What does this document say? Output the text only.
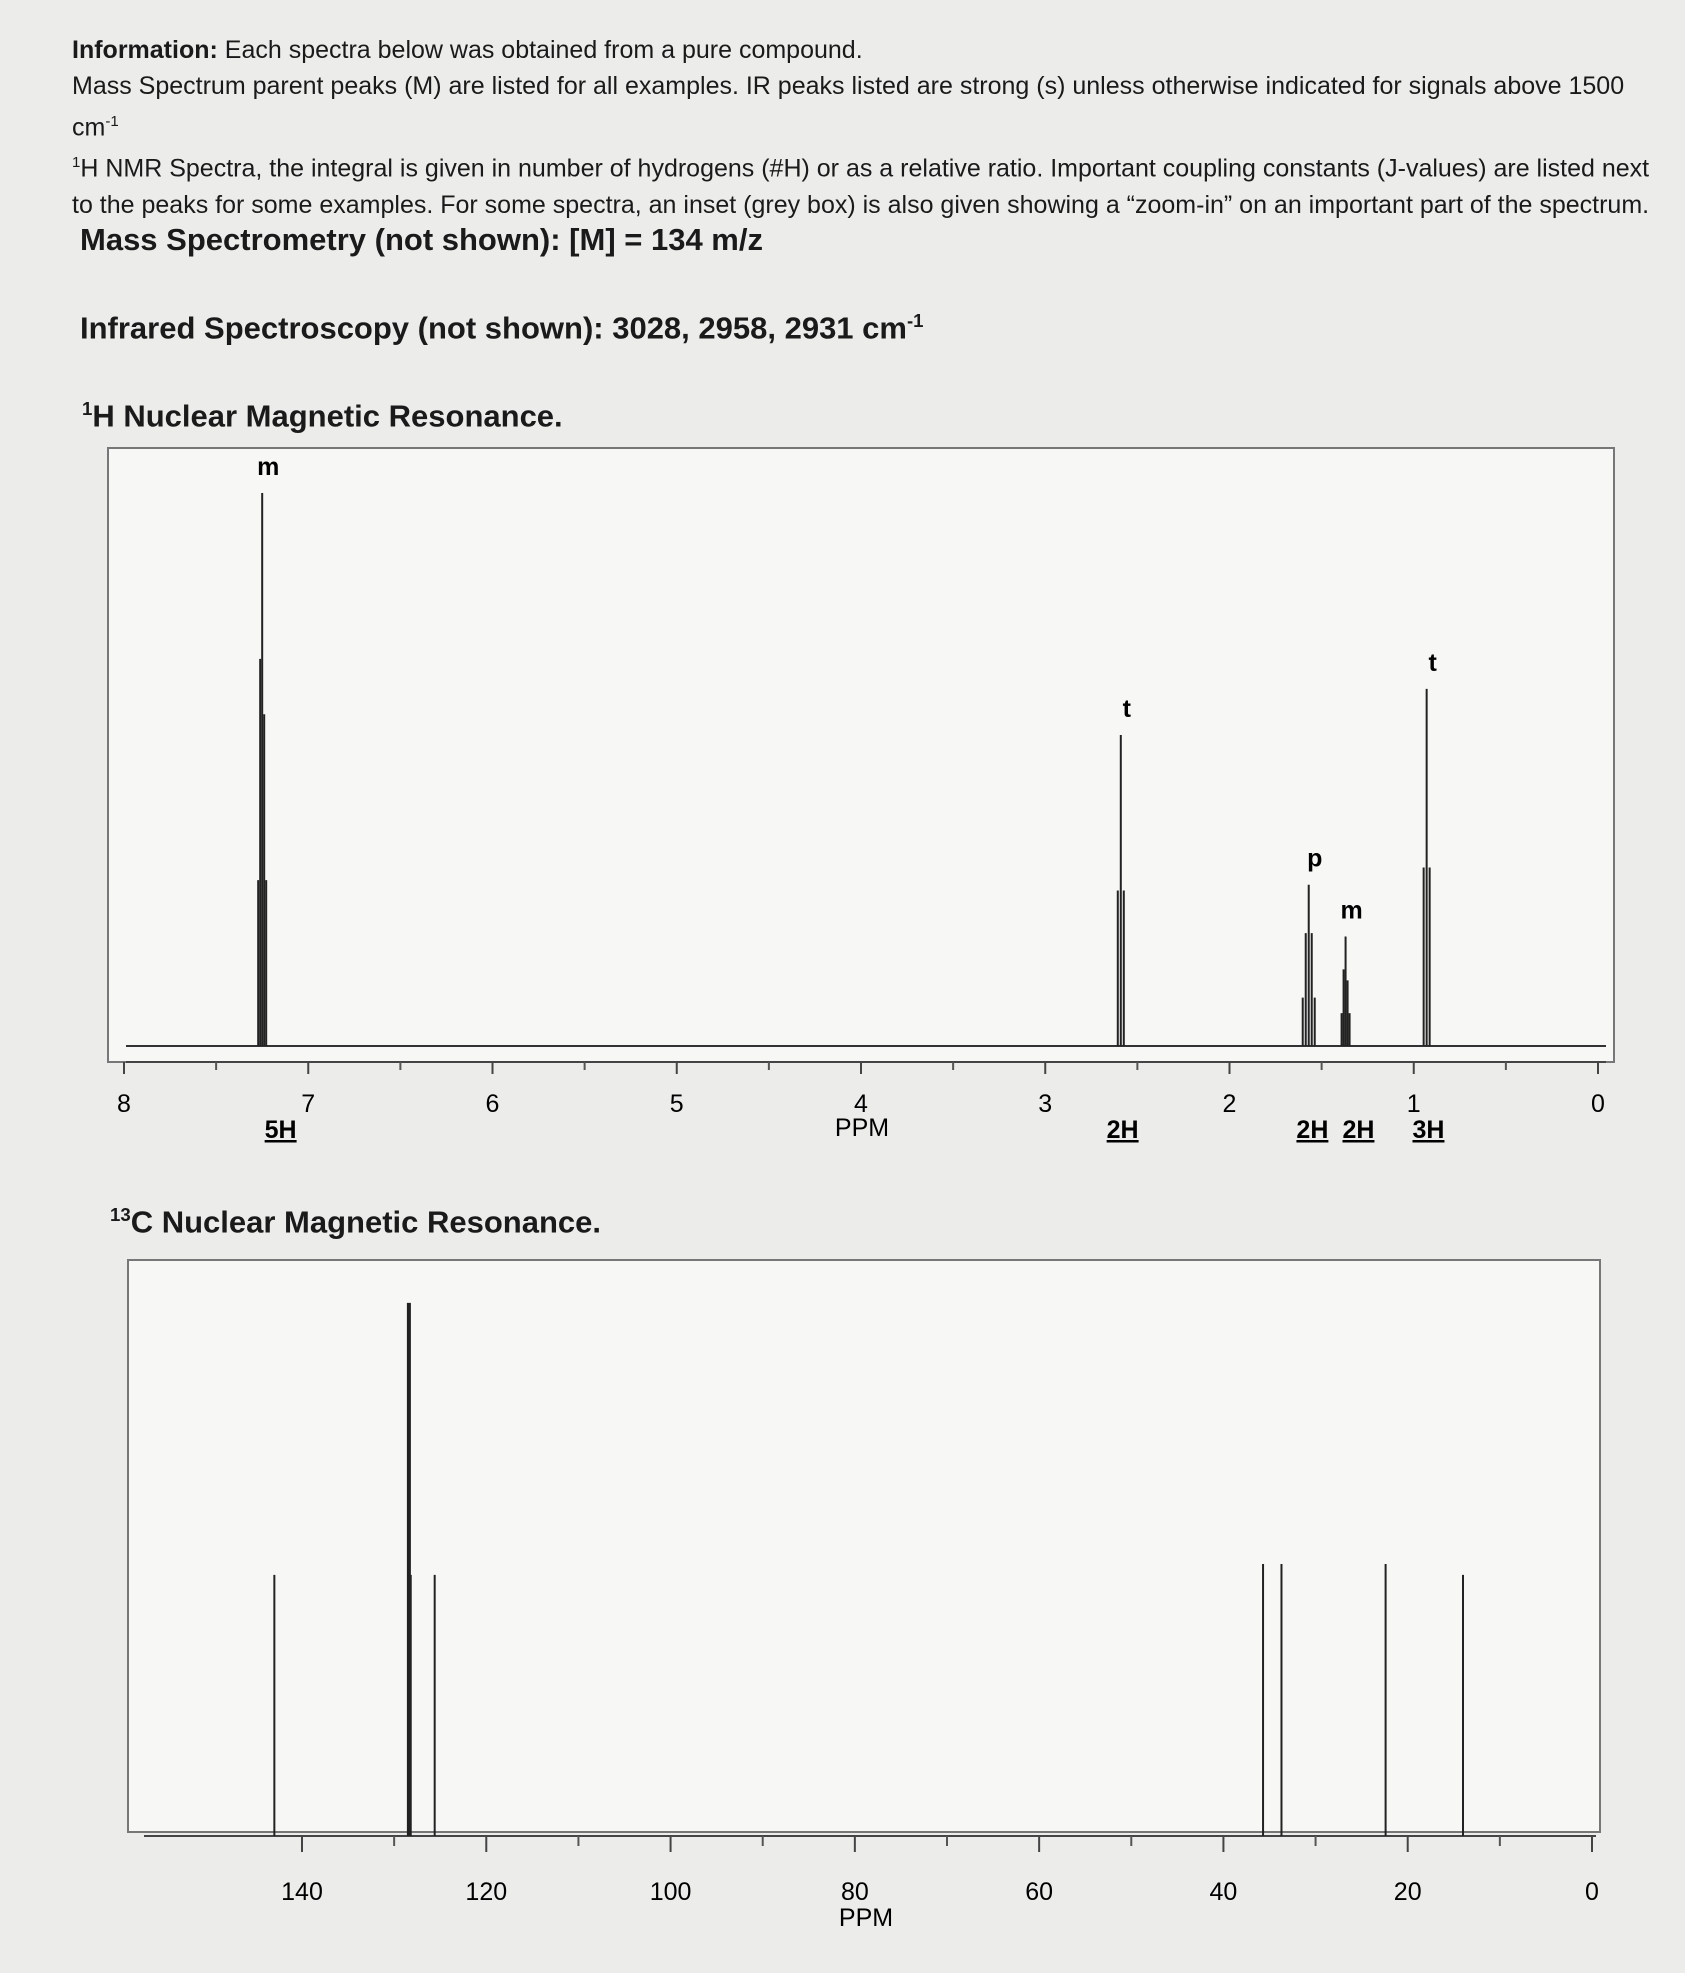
Information: Each spectra below was obtained from a pure compound.

Mass Spectrum parent peaks (M) are listed for all examples. IR peaks listed are strong (s) unless otherwise indicated for signals above 1500 $cm^{-1}$

$^1$H NMR Spectra, the integral is given in number of hydrogens (#H) or as a relative ratio. Important coupling constants (J-values) are listed next to the peaks for some examples. For some spectra, an inset (grey box) is also given showing a “zoom-in” on an important part of the spectrum.

Mass Spectrometry (not shown): [M] = 134 m/z
Infrared Spectroscopy (not shown): 3028, 2958, 2931 $cm^{-1}$
$^1$H Nuclear Magnetic Resonance.
$^{13}$C Nuclear Magnetic Resonance.
8	7	6	5	4	3	2	1	0
m
5H
t
2H
p
2H
m
2H
t
3H
PPM
140	120	100	80	60	40	20	0
PPM
